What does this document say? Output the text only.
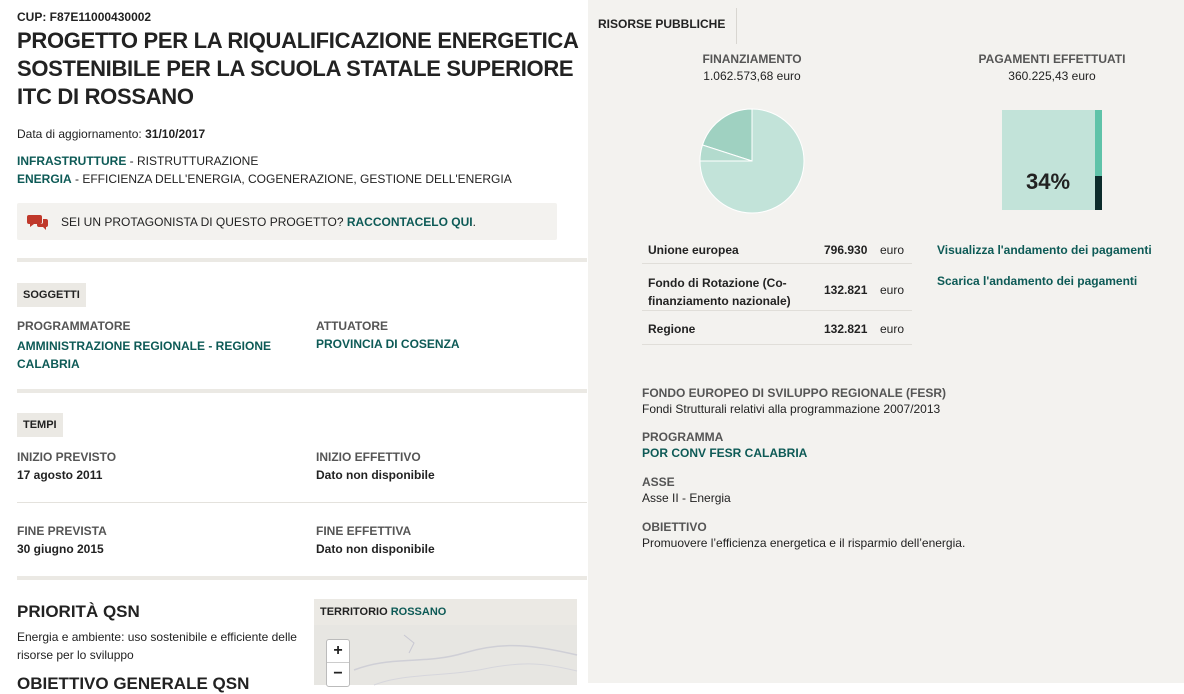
CUP: F87E11000430002
PROGETTO PER LA RIQUALIFICAZIONE ENERGETICA SOSTENIBILE PER LA SCUOLA STATALE SUPERIORE ITC DI ROSSANO
Data di aggiornamento: 31/10/2017
INFRASTRUTTURE - RISTRUTTURAZIONE
ENERGIA - EFFICIENZA DELL'ENERGIA, COGENERAZIONE, GESTIONE DELL'ENERGIA
SEI UN PROTAGONISTA DI QUESTO PROGETTO?
RACCONTACELO QUI .
SOGGETTI
PROGRAMMATORE
AMMINISTRAZIONE REGIONALE - REGIONE CALABRIA
ATTUATORE
PROVINCIA DI COSENZA
TEMPI
INIZIO PREVISTO
17 agosto 2011
INIZIO EFFETTIVO
Dato non disponibile
FINE PREVISTA
30 giugno 2015
FINE EFFETTIVA
Dato non disponibile
PRIORITÀ QSN
Energia e ambiente: uso sostenibile e efficiente delle risorse per lo sviluppo
OBIETTIVO GENERALE QSN
TERRITORIO ROSSANO
+
−
RISORSE PUBBLICHE
FINANZIAMENTO
1.062.573,68 euro
PAGAMENTI EFFETTUATI
360.225,43 euro
34%
Unione europea	796.930 euro
Fondo di Rotazione (Co-finanziamento nazionale)
132.821 euro
Regione	132.821 euro
Visualizza l'andamento dei pagamenti
Scarica l'andamento dei pagamenti
FONDO EUROPEO DI SVILUPPO REGIONALE (FESR)
Fondi Strutturali relativi alla programmazione 2007/2013
PROGRAMMA
POR CONV FESR CALABRIA
ASSE
Asse II - Energia
OBIETTIVO
Promuovere l’efficienza energetica e il risparmio dell’energia.
